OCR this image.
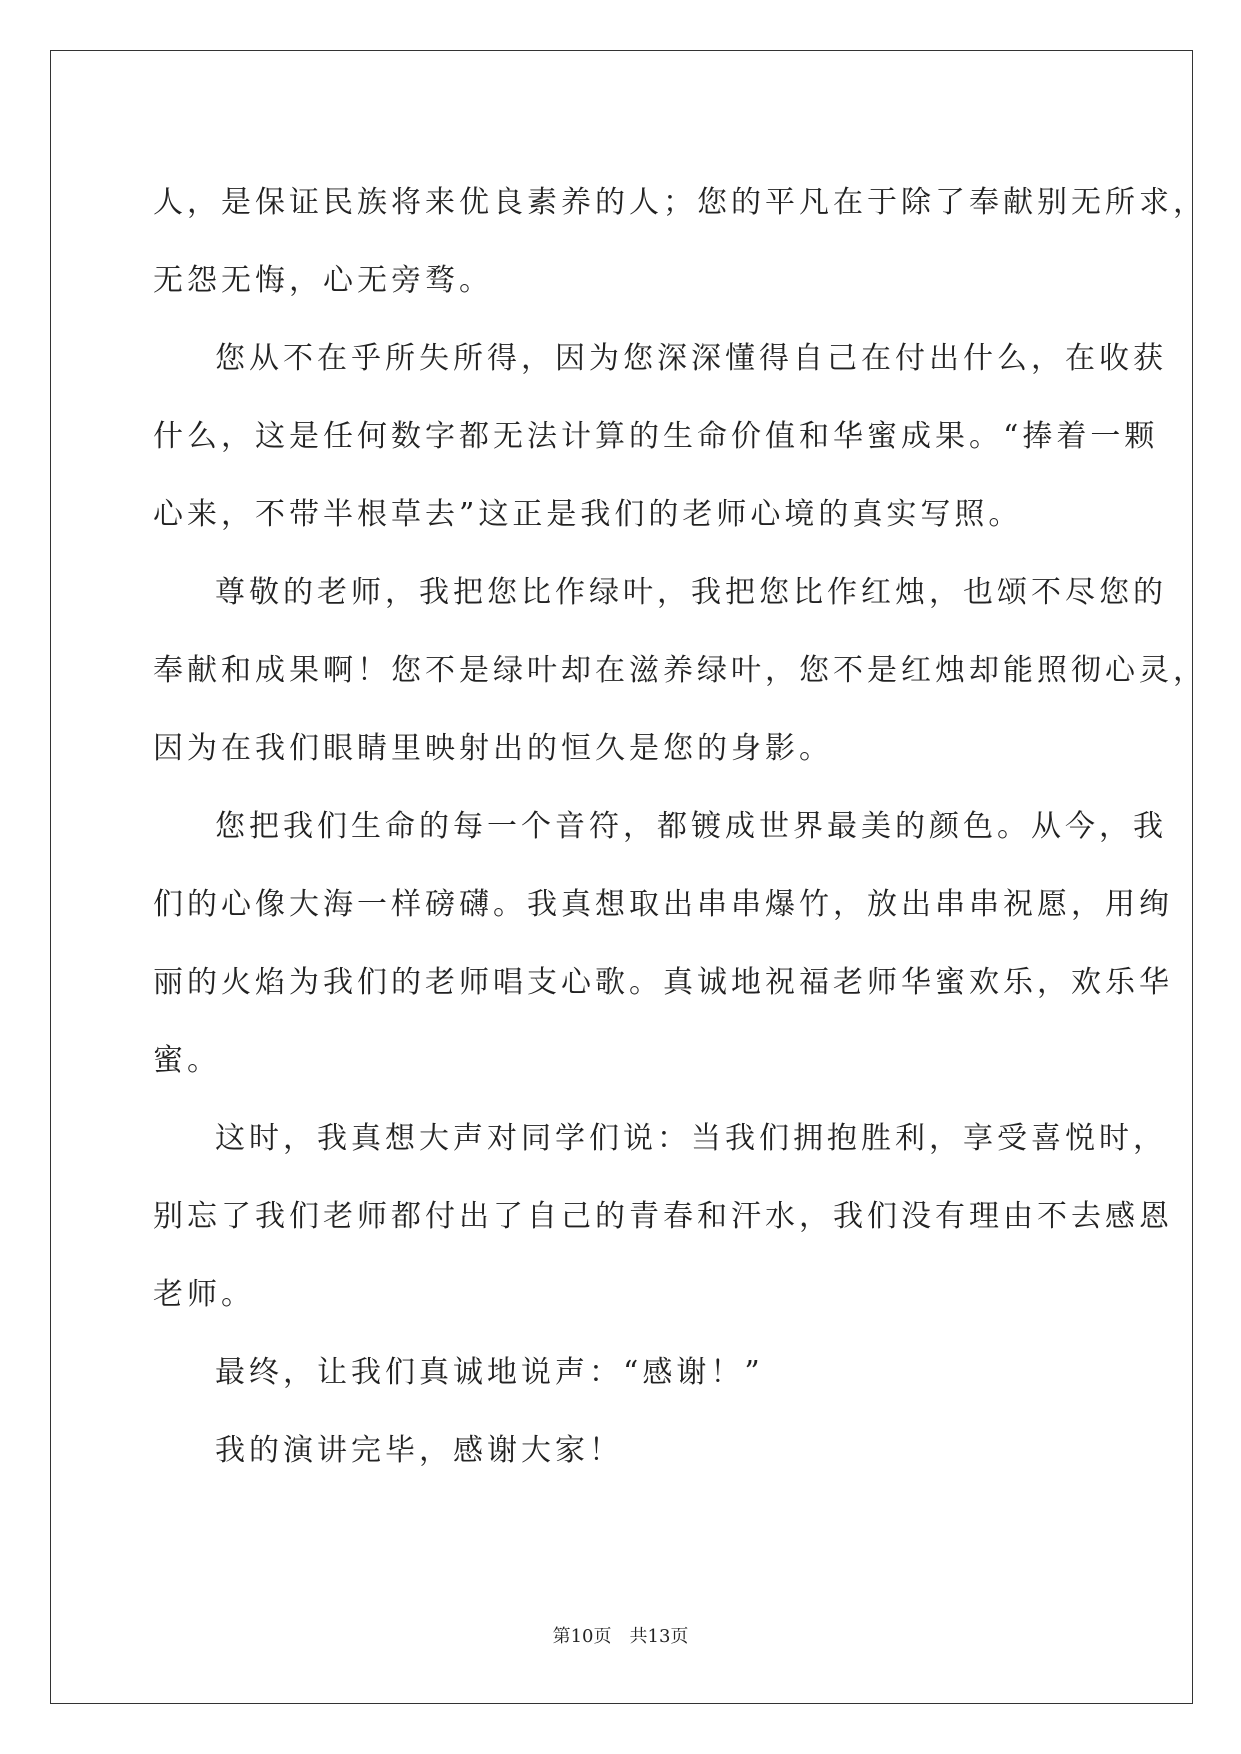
人，是保证民族将来优良素养的人；您的平凡在于除了奉献别无所求，
无怨无悔，心无旁骛。
您从不在乎所失所得，因为您深深懂得自己在付出什么，在收获
什么，这是任何数字都无法计算的生命价值和华蜜成果。“捧着一颗
心来，不带半根草去”这正是我们的老师心境的真实写照。
尊敬的老师，我把您比作绿叶，我把您比作红烛，也颂不尽您的
奉献和成果啊！您不是绿叶却在滋养绿叶，您不是红烛却能照彻心灵，
因为在我们眼睛里映射出的恒久是您的身影。
您把我们生命的每一个音符，都镀成世界最美的颜色。从今，我
们的心像大海一样磅礴。我真想取出串串爆竹，放出串串祝愿，用绚
丽的火焰为我们的老师唱支心歌。真诚地祝福老师华蜜欢乐，欢乐华
蜜。
这时，我真想大声对同学们说：当我们拥抱胜利，享受喜悦时，
别忘了我们老师都付出了自己的青春和汗水，我们没有理由不去感恩
老师。
最终，让我们真诚地说声：“感谢！”
我的演讲完毕，感谢大家！
第10页　共13页
